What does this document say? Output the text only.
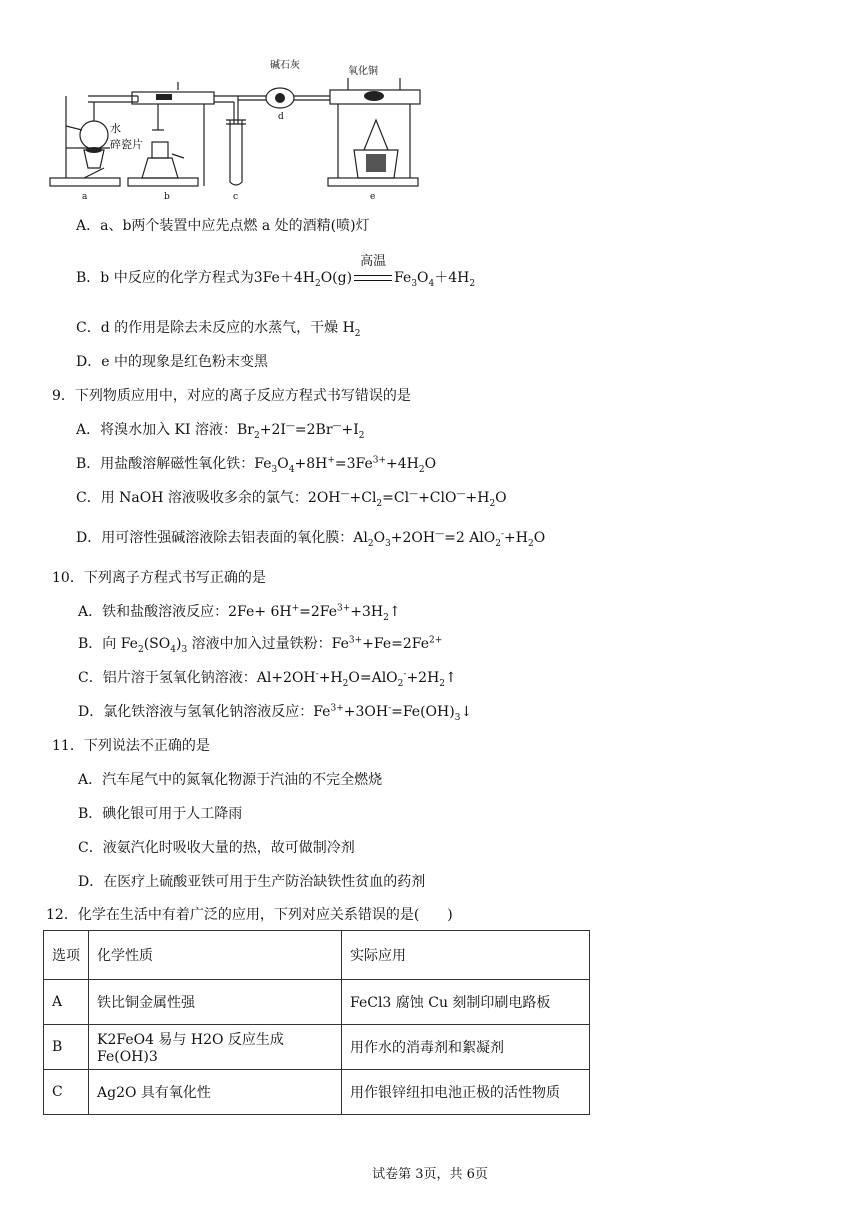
碱石灰
氧化铜
水
碎瓷片
a	b	c
d
e
A．a、b两个装置中应先点燃 a 处的酒精(喷)灯
B．b 中反应的化学方程式为$3Fe+4H_2O(g)$
高温
$Fe_3O_4+4H_2$
C．d 的作用是除去未反应的水蒸气，干燥 $H_2$
D．e 中的现象是红色粉末变黑
9．下列物质应用中，对应的离子反应方程式书写错误的是
A．将溴水加入 KI 溶液：$Br_2+2I^—=2Br^—+I_2$
B．用盐酸溶解磁性氧化铁：$Fe_3O_4+8H^+=3Fe^{3+}+4H_2O$
C．用 NaOH 溶液吸收多余的氯气：$2OH^—+Cl_2=Cl^—+ClO^—+H_2O$
D．用可溶性强碱溶液除去铝表面的氧化膜：$Al_2O_3+2OH^—=2$ $AlO_2^-+H_2O$
10．下列离子方程式书写正确的是
A．铁和盐酸溶液反应：$2Fe+ 6H^+=2Fe^{3+}+3H_2↑$
B．向 $Fe_2(SO_4)_3$ 溶液中加入过量铁粉：$Fe^{3+}+Fe=2Fe^{2+}$
C．铝片溶于氢氧化钠溶液：$Al+2OH^-+H_2O=AlO_2^-+2H_2↑$
D．氯化铁溶液与氢氧化钠溶液反应：$Fe^{3+}+3OH^-=Fe(OH)_3↓$
11．下列说法不正确的是
A．汽车尾气中的氮氧化物源于汽油的不完全燃烧
B．碘化银可用于人工降雨
C．液氨汽化时吸收大量的热，故可做制冷剂
D．在医疗上硫酸亚铁可用于生产防治缺铁性贫血的药剂
12．化学在生活中有着广泛的应用，下列对应关系错误的是(　　)
选项	化学性质	实际应用
A	铁比铜金属性强	FeCl3 腐蚀 Cu 刻制印刷电路板
B	K2FeO4 易与 H2O 反应生成 Fe(OH)3	用作水的消毒剂和絮凝剂
C	Ag2O 具有氧化性	用作银锌纽扣电池正极的活性物质
试卷第 3页，共 6页
